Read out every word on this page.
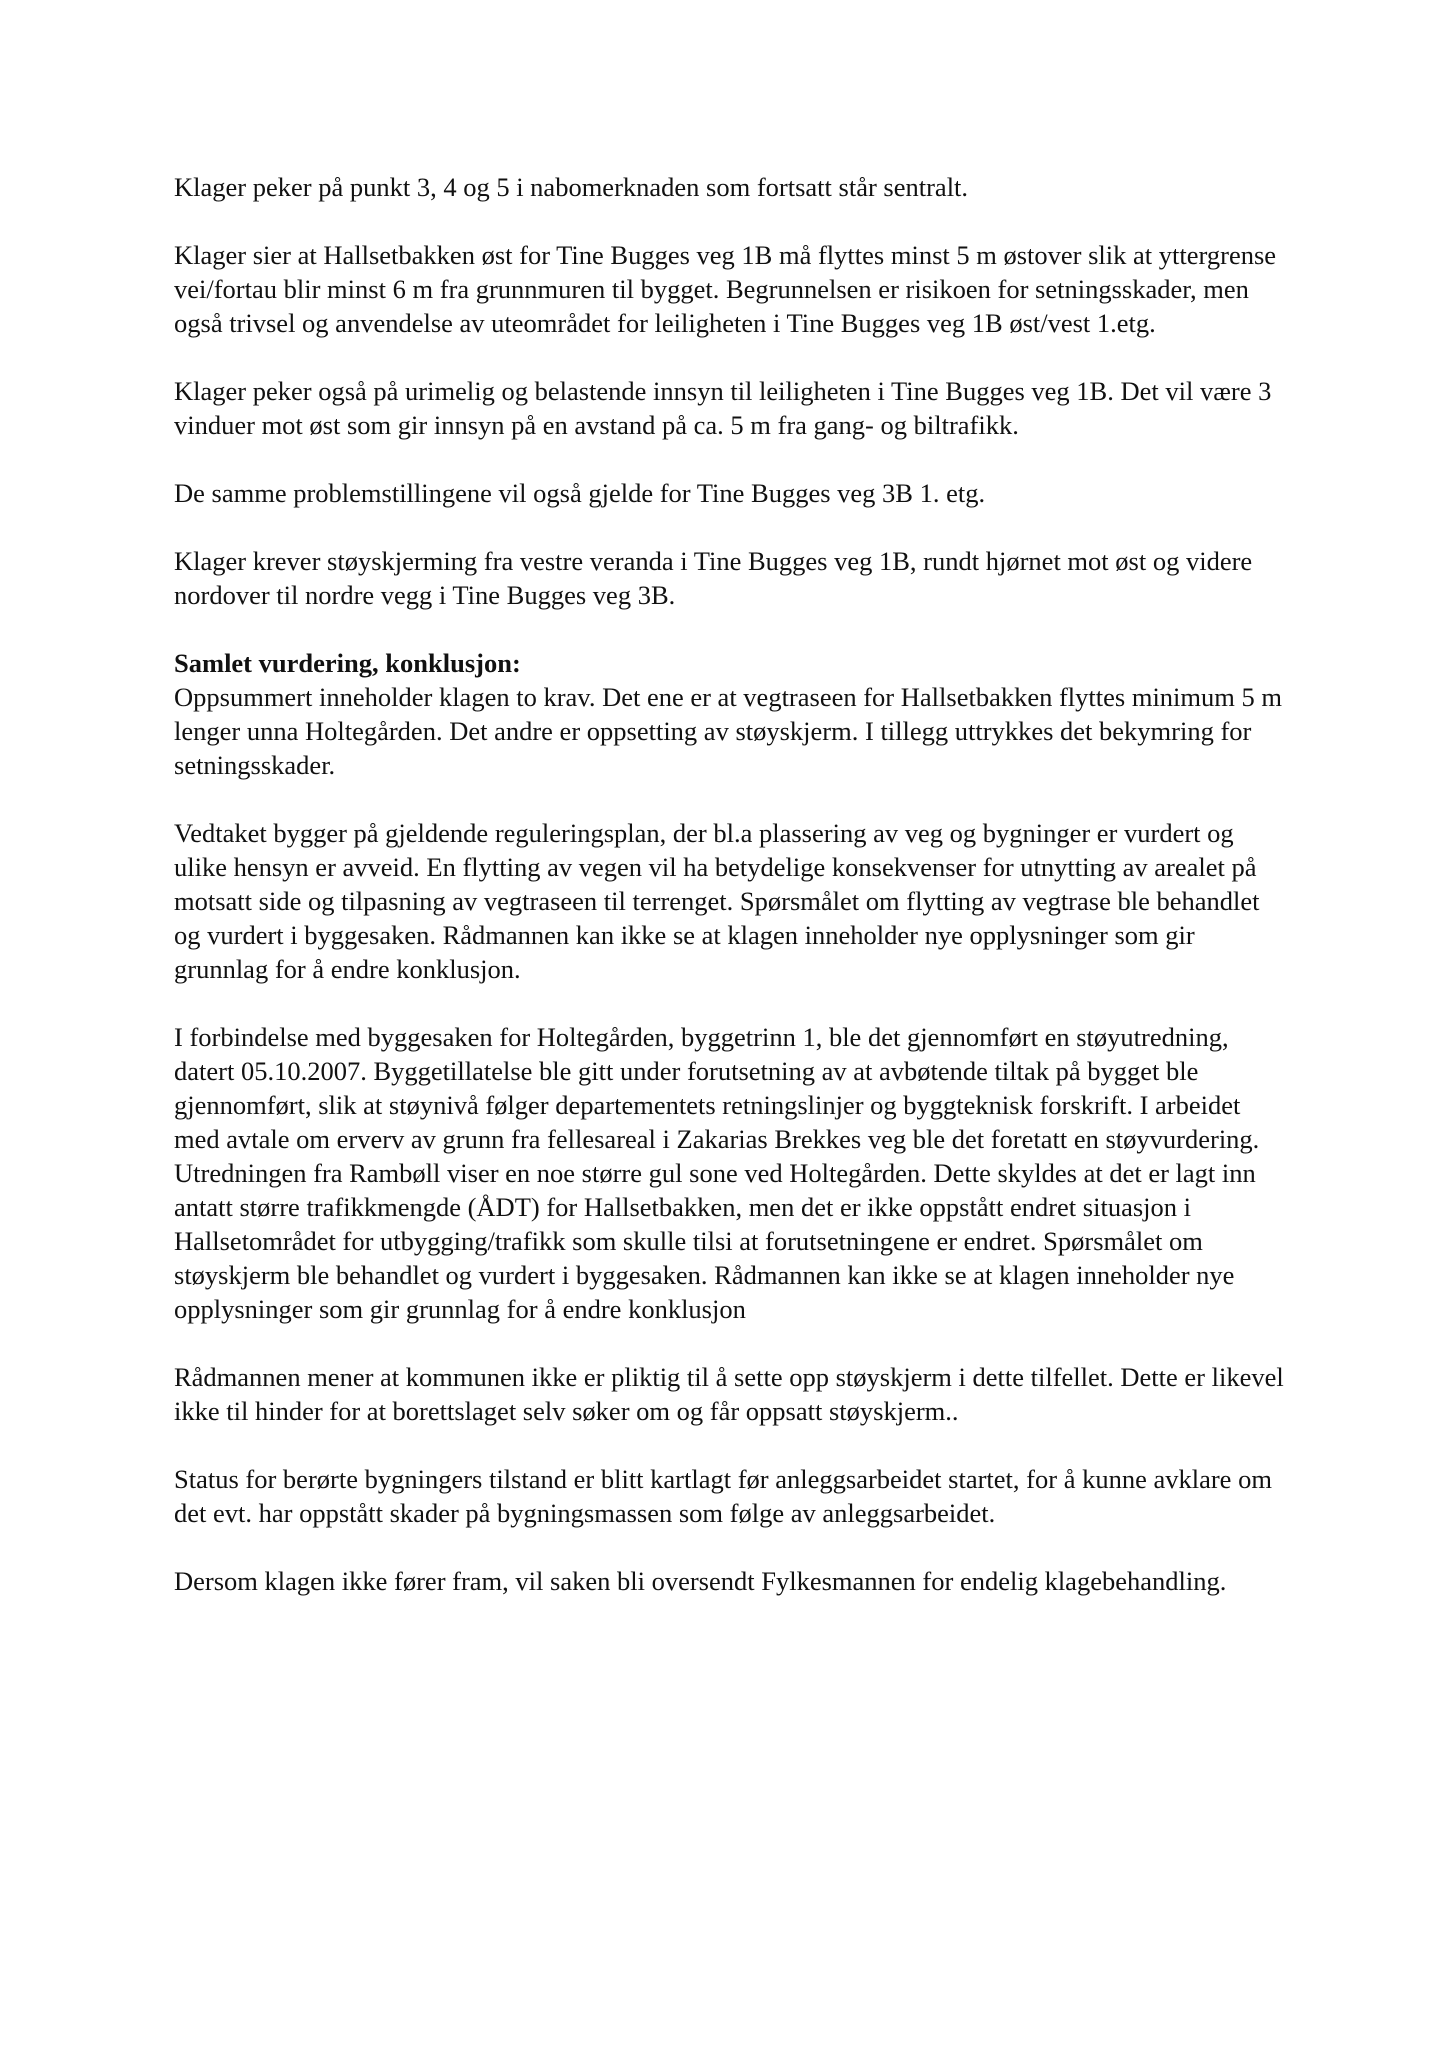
Klager peker på punkt 3, 4 og 5 i nabomerknaden som fortsatt står sentralt.

Klager sier at Hallsetbakken øst for Tine Bugges veg 1B må flyttes minst 5 m østover slik at yttergrense vei/fortau blir minst 6 m fra grunnmuren til bygget. Begrunnelsen er risikoen for setningsskader, men også trivsel og anvendelse av uteområdet for leiligheten i Tine Bugges veg 1B øst/vest 1.etg.

Klager peker også på urimelig og belastende innsyn til leiligheten i Tine Bugges veg 1B. Det vil være 3 vinduer mot øst som gir innsyn på en avstand på ca. 5 m fra gang- og biltrafikk.

De samme problemstillingene vil også gjelde for Tine Bugges veg 3B 1. etg.

Klager krever støyskjerming fra vestre veranda i Tine Bugges veg 1B, rundt hjørnet mot øst og videre nordover til nordre vegg i Tine Bugges veg 3B.

Samlet vurdering, konklusjon:

Oppsummert inneholder klagen to krav. Det ene er at vegtraseen for Hallsetbakken flyttes minimum 5 m lenger unna Holtegården. Det andre er oppsetting av støyskjerm. I tillegg uttrykkes det bekymring for setningsskader.

Vedtaket bygger på gjeldende reguleringsplan, der bl.a plassering av veg og bygninger er vurdert og ulike hensyn er avveid. En flytting av vegen vil ha betydelige konsekvenser for utnytting av arealet på motsatt side og tilpasning av vegtraseen til terrenget. Spørsmålet om flytting av vegtrase ble behandlet og vurdert i byggesaken. Rådmannen kan ikke se at klagen inneholder nye opplysninger som gir grunnlag for å endre konklusjon.

I forbindelse med byggesaken for Holtegården, byggetrinn 1, ble det gjennomført en støyutredning, datert 05.10.2007. Byggetillatelse ble gitt under forutsetning av at avbøtende tiltak på bygget ble gjennomført, slik at støynivå følger departementets retningslinjer og byggteknisk forskrift. I arbeidet med avtale om erverv av grunn fra fellesareal i Zakarias Brekkes veg ble det foretatt en støyvurdering. Utredningen fra Rambøll viser en noe større gul sone ved Holtegården. Dette skyldes at det er lagt inn antatt større trafikkmengde (ÅDT) for Hallsetbakken, men det er ikke oppstått endret situasjon i Hallsetområdet for utbygging/trafikk som skulle tilsi at forutsetningene er endret. Spørsmålet om støyskjerm ble behandlet og vurdert i byggesaken. Rådmannen kan ikke se at klagen inneholder nye opplysninger som gir grunnlag for å endre konklusjon

Rådmannen mener at kommunen ikke er pliktig til å sette opp støyskjerm i dette tilfellet. Dette er likevel ikke til hinder for at borettslaget selv søker om og får oppsatt støyskjerm..

Status for berørte bygningers tilstand er blitt kartlagt før anleggsarbeidet startet, for å kunne avklare om det evt. har oppstått skader på bygningsmassen som følge av anleggsarbeidet.

Dersom klagen ikke fører fram, vil saken bli oversendt Fylkesmannen for endelig klagebehandling.
